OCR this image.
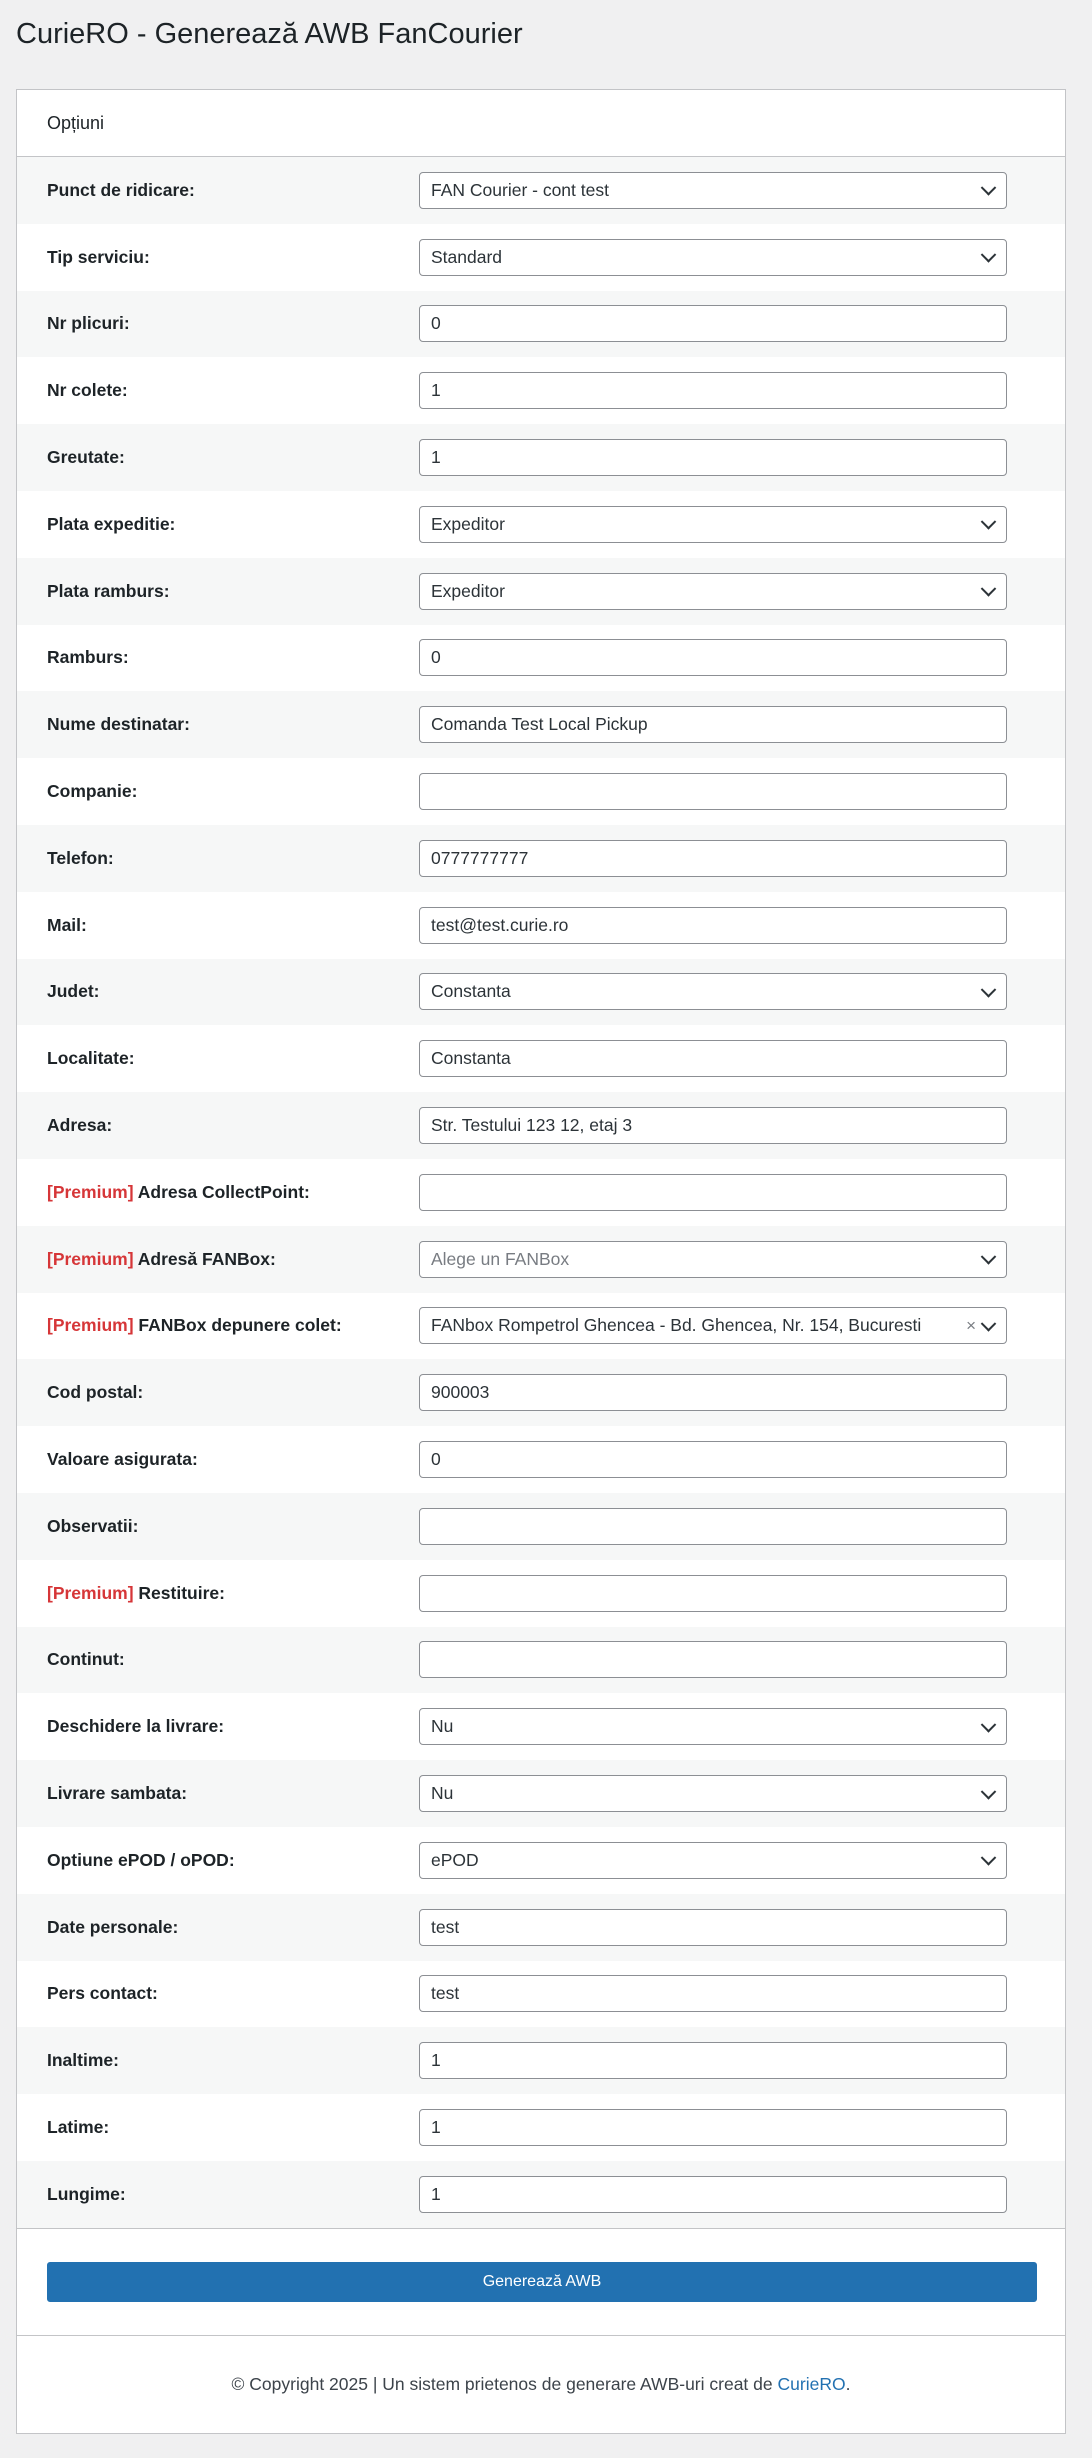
CurieRO - Generează AWB FanCourier
Opțiuni
Punct de ridicare:	FAN Courier - cont test
Tip serviciu:	Standard
Nr plicuri:	0
Nr colete:	1
Greutate:	1
Plata expeditie:	Expeditor
Plata ramburs:	Expeditor
Ramburs:	0
Nume destinatar:	Comanda Test Local Pickup
Companie:
Telefon:	0777777777
Mail:	test@test.curie.ro
Judet:	Constanta
Localitate:	Constanta
Adresa:	Str. Testului 123 12, etaj 3
[Premium] Adresa CollectPoint:
[Premium] Adresă FANBox:	Alege un FANBox
[Premium] FANBox depunere colet:	FANbox Rompetrol Ghencea - Bd. Ghencea, Nr. 154, Bucuresti	×
Cod postal:	900003
Valoare asigurata:	0
Observatii:
[Premium] Restituire:
Continut:
Deschidere la livrare:	Nu
Livrare sambata:	Nu
Optiune ePOD / oPOD:	ePOD
Date personale:	test
Pers contact:	test
Inaltime:	1
Latime:	1
Lungime:	1
Generează AWB
© Copyright 2025 | Un sistem prietenos de generare AWB-uri creat de
CurieRO .
